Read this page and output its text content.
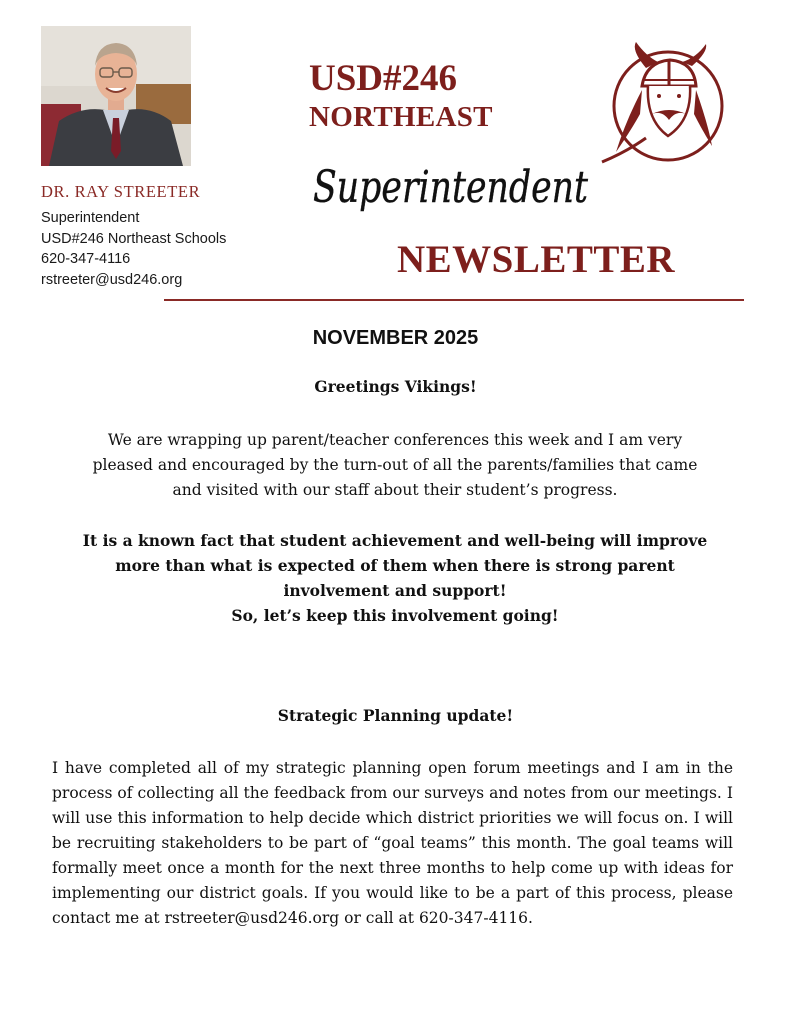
DR. RAY STREETER
Superintendent
USD#246 Northeast Schools
620-347-4116
rstreeter@usd246.org
USD#246
NORTHEAST
Superintendent
NEWSLETTER
NOVEMBER 2025
Greetings Vikings!
We are wrapping up parent/teacher conferences this week and I am very
pleased and encouraged by the turn-out of all the parents/families that came
and visited with our staff about their student’s progress.
It is a known fact that student achievement and well-being will improve
more than what is expected of them when there is strong parent
involvement and support!
So, let’s keep this involvement going!
Strategic Planning update!
I have completed all of my strategic planning open forum meetings and I am in the process of collecting all the feedback from our surveys and notes from our meetings. I will use this information to help decide which district priorities we will focus on. I will be recruiting stakeholders to be part of “goal teams” this month. The goal teams will formally meet once a month for the next three months to help come up with ideas for implementing our district goals. If you would like to be a part of this process, please contact me at rstreeter@usd246.org or call at 620-347-4116.
